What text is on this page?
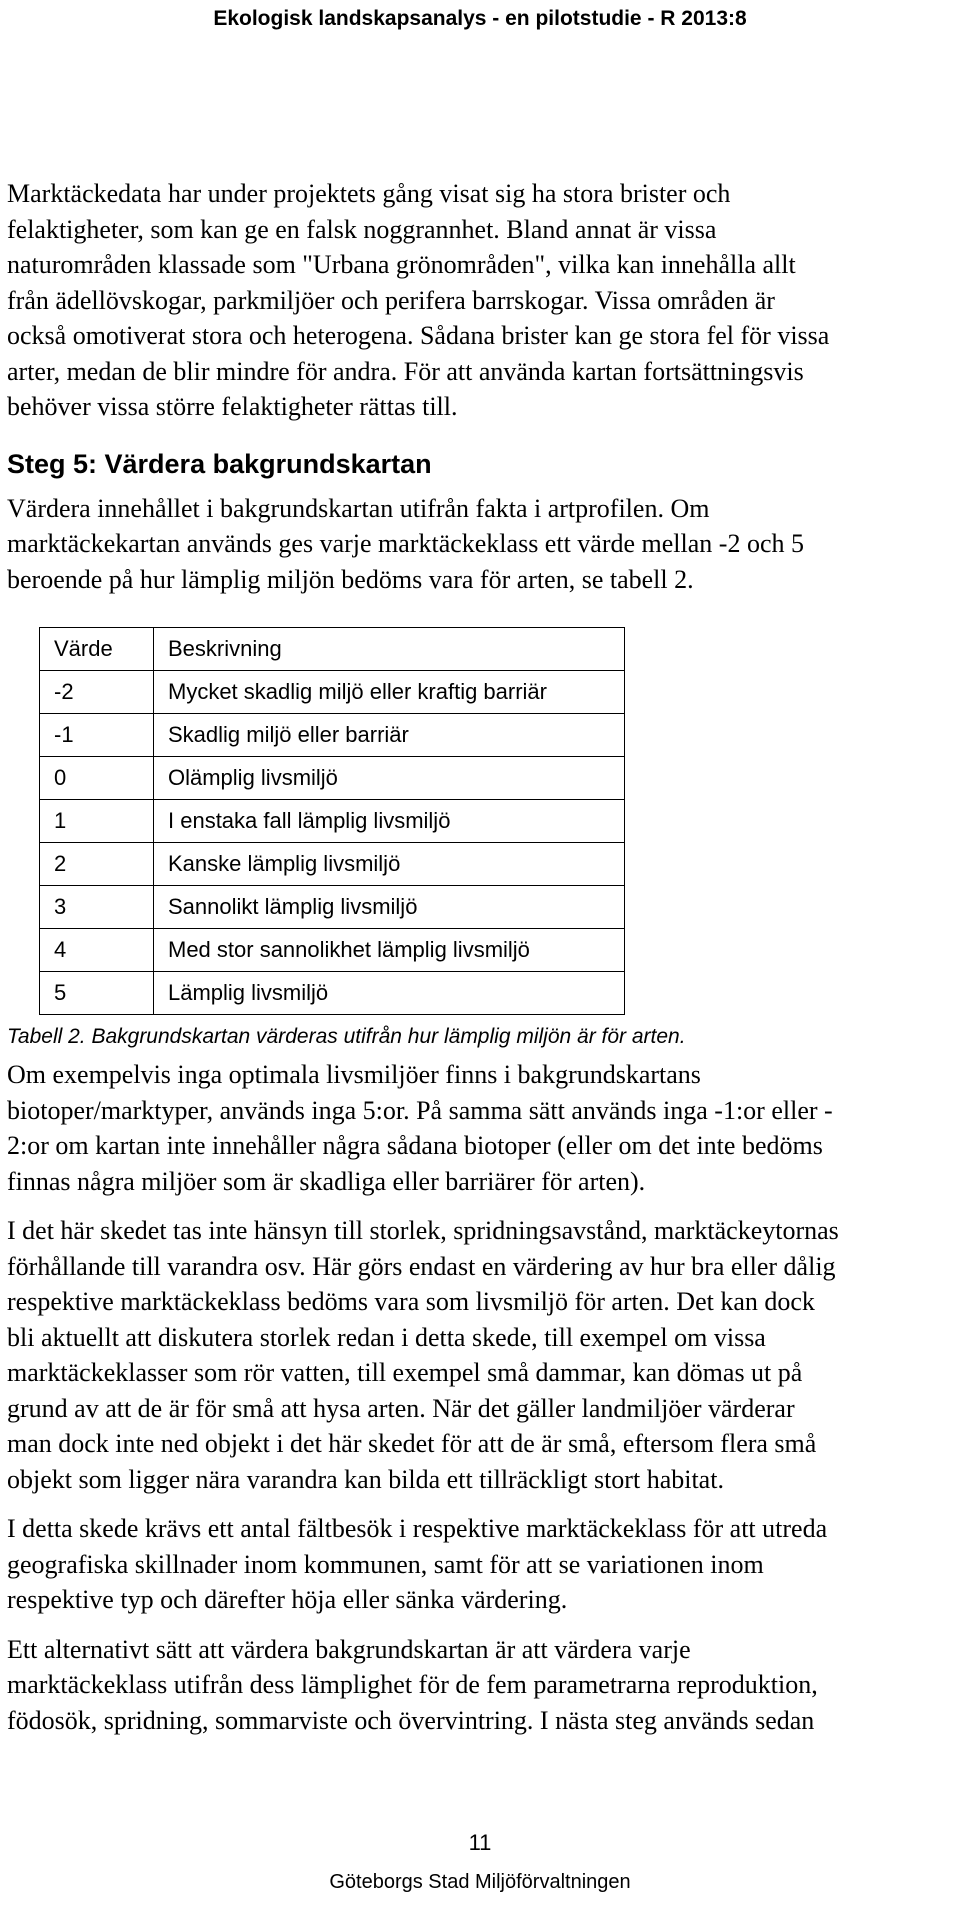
Ekologisk landskapsanalys - en pilotstudie - R 2013:8

Marktäckedata har under projektets gång visat sig ha stora brister och
felaktigheter, som kan ge en falsk noggrannhet. Bland annat är vissa
naturområden klassade som "Urbana grönområden", vilka kan innehålla allt
från ädellövskogar, parkmiljöer och perifera barrskogar. Vissa områden är
också omotiverat stora och heterogena. Sådana brister kan ge stora fel för vissa
arter, medan de blir mindre för andra. För att använda kartan fortsättningsvis
behöver vissa större felaktigheter rättas till.

Steg 5: Värdera bakgrundskartan

Värdera innehållet i bakgrundskartan utifrån fakta i artprofilen. Om
marktäckekartan används ges varje marktäckeklass ett värde mellan -2 och 5
beroende på hur lämplig miljön bedöms vara för arten, se tabell 2.

Värde	Beskrivning
-2	Mycket skadlig miljö eller kraftig barriär
-1	Skadlig miljö eller barriär
0	Olämplig livsmiljö
1	I enstaka fall lämplig livsmiljö
2	Kanske lämplig livsmiljö
3	Sannolikt lämplig livsmiljö
4	Med stor sannolikhet lämplig livsmiljö
5	Lämplig livsmiljö

Tabell 2. Bakgrundskartan värderas utifrån hur lämplig miljön är för arten.

Om exempelvis inga optimala livsmiljöer finns i bakgrundskartans
biotoper/marktyper, används inga 5:or. På samma sätt används inga -1:or eller -
2:or om kartan inte innehåller några sådana biotoper (eller om det inte bedöms
finnas några miljöer som är skadliga eller barriärer för arten).

I det här skedet tas inte hänsyn till storlek, spridningsavstånd, marktäckeytornas
förhållande till varandra osv. Här görs endast en värdering av hur bra eller dålig
respektive marktäckeklass bedöms vara som livsmiljö för arten. Det kan dock
bli aktuellt att diskutera storlek redan i detta skede, till exempel om vissa
marktäckeklasser som rör vatten, till exempel små dammar, kan dömas ut på
grund av att de är för små att hysa arten. När det gäller landmiljöer värderar
man dock inte ned objekt i det här skedet för att de är små, eftersom flera små
objekt som ligger nära varandra kan bilda ett tillräckligt stort habitat.

I detta skede krävs ett antal fältbesök i respektive marktäckeklass för att utreda
geografiska skillnader inom kommunen, samt för att se variationen inom
respektive typ och därefter höja eller sänka värdering.

Ett alternativt sätt att värdera bakgrundskartan är att värdera varje
marktäckeklass utifrån dess lämplighet för de fem parametrarna reproduktion,
födosök, spridning, sommarviste och övervintring. I nästa steg används sedan

11
Göteborgs Stad Miljöförvaltningen
